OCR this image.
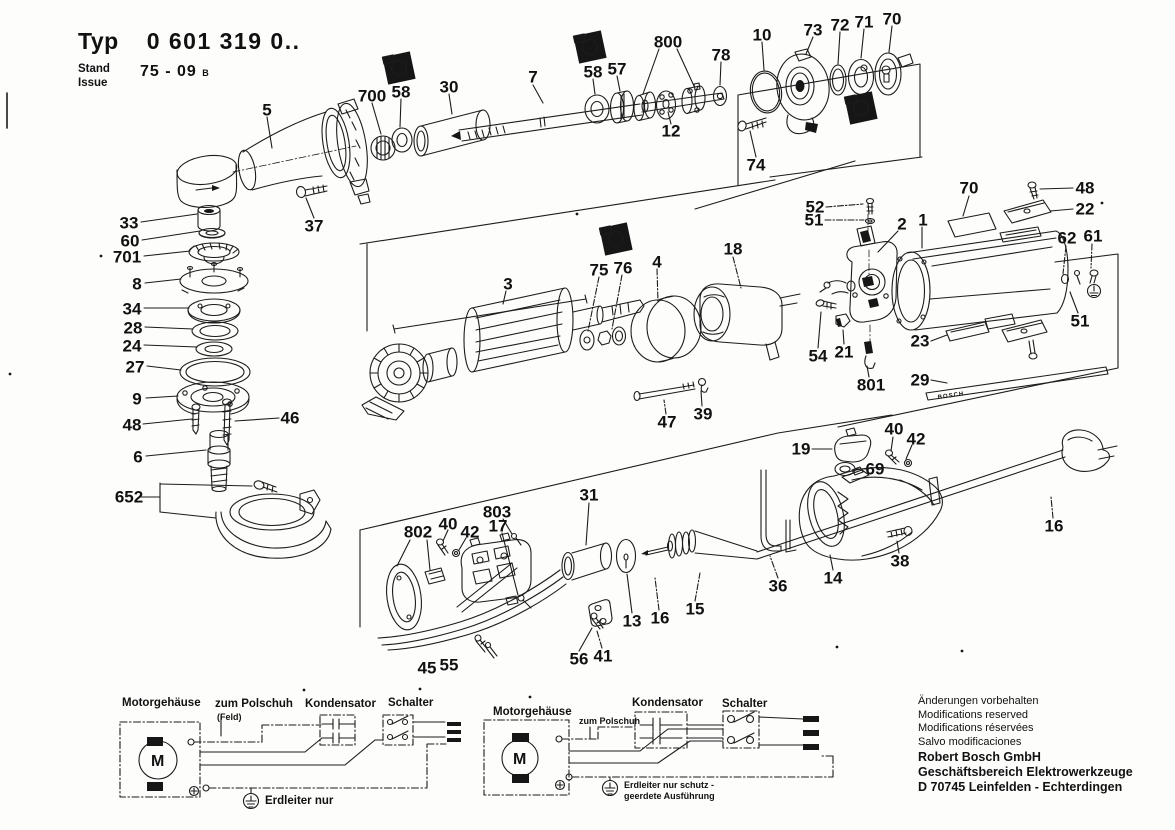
BOSCH
M	M
Typ 0 601 319 0..
Stand
Issue
75 - 09 B
Motorgehäuse zum Polschuh
(Feld)
Kondensator Schalter
Erdleiter nur
Motorgehäuse
zum Polschuh
Kondensator Schalter
Erdleiter nur schutz -
geerdete Ausführung
Änderungen vorbehalten
Modifications reserved
Modifications réservées
Salvo modificaciones
Robert Bosch GmbH
Geschäftsbereich Elektrowerkzeuge
D 70745 Leinfelden - Echterdingen
5
700 58 30
7	58 57
800
12
78
10 73 72 71 70
74
37
33
60
701
8
34
28
24
27
9
48	46
6
652
3
75 76 4
18
47 39
52
51	2 1
70	48
22
62 61
51
23
54 21
801 29
19
40
42
69
36 14
38
31
13 16 15
16
802 40 42
803
17
56 41
45 55
